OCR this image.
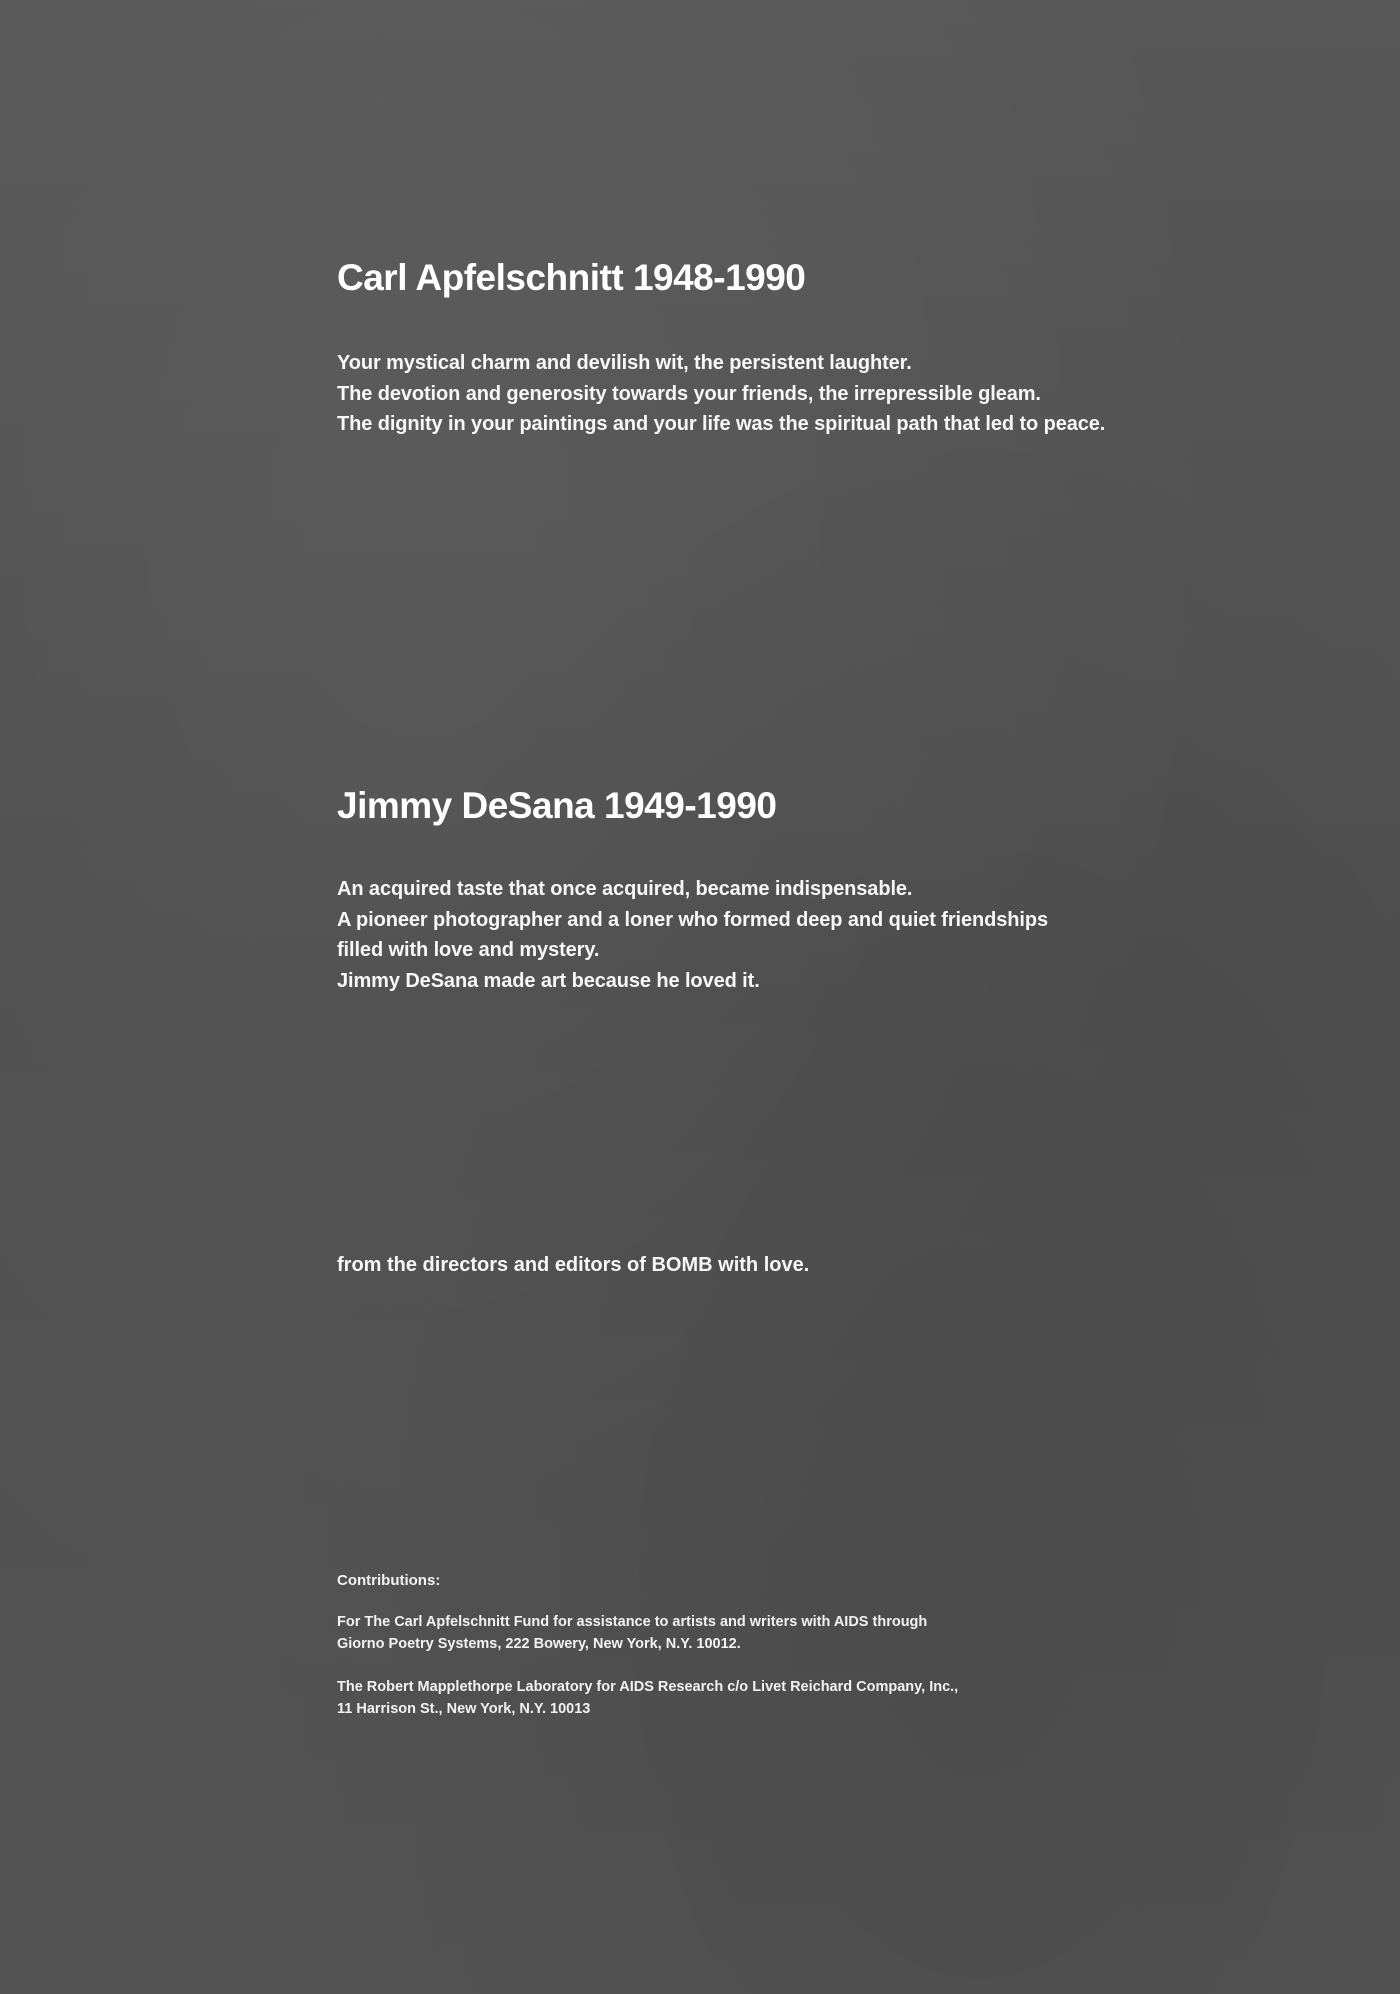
Carl Apfelschnitt 1948-1990
Your mystical charm and devilish wit, the persistent laughter.
The devotion and generosity towards your friends, the irrepressible gleam.
The dignity in your paintings and your life was the spiritual path that led to peace.
Jimmy DeSana 1949-1990
An acquired taste that once acquired, became indispensable.
A pioneer photographer and a loner who formed deep and quiet friendships
filled with love and mystery.
Jimmy DeSana made art because he loved it.
from the directors and editors of BOMB with love.
Contributions:
For The Carl Apfelschnitt Fund for assistance to artists and writers with AIDS through
Giorno Poetry Systems, 222 Bowery, New York, N.Y. 10012.
The Robert Mapplethorpe Laboratory for AIDS Research c/o Livet Reichard Company, Inc.,
11 Harrison St., New York, N.Y. 10013
